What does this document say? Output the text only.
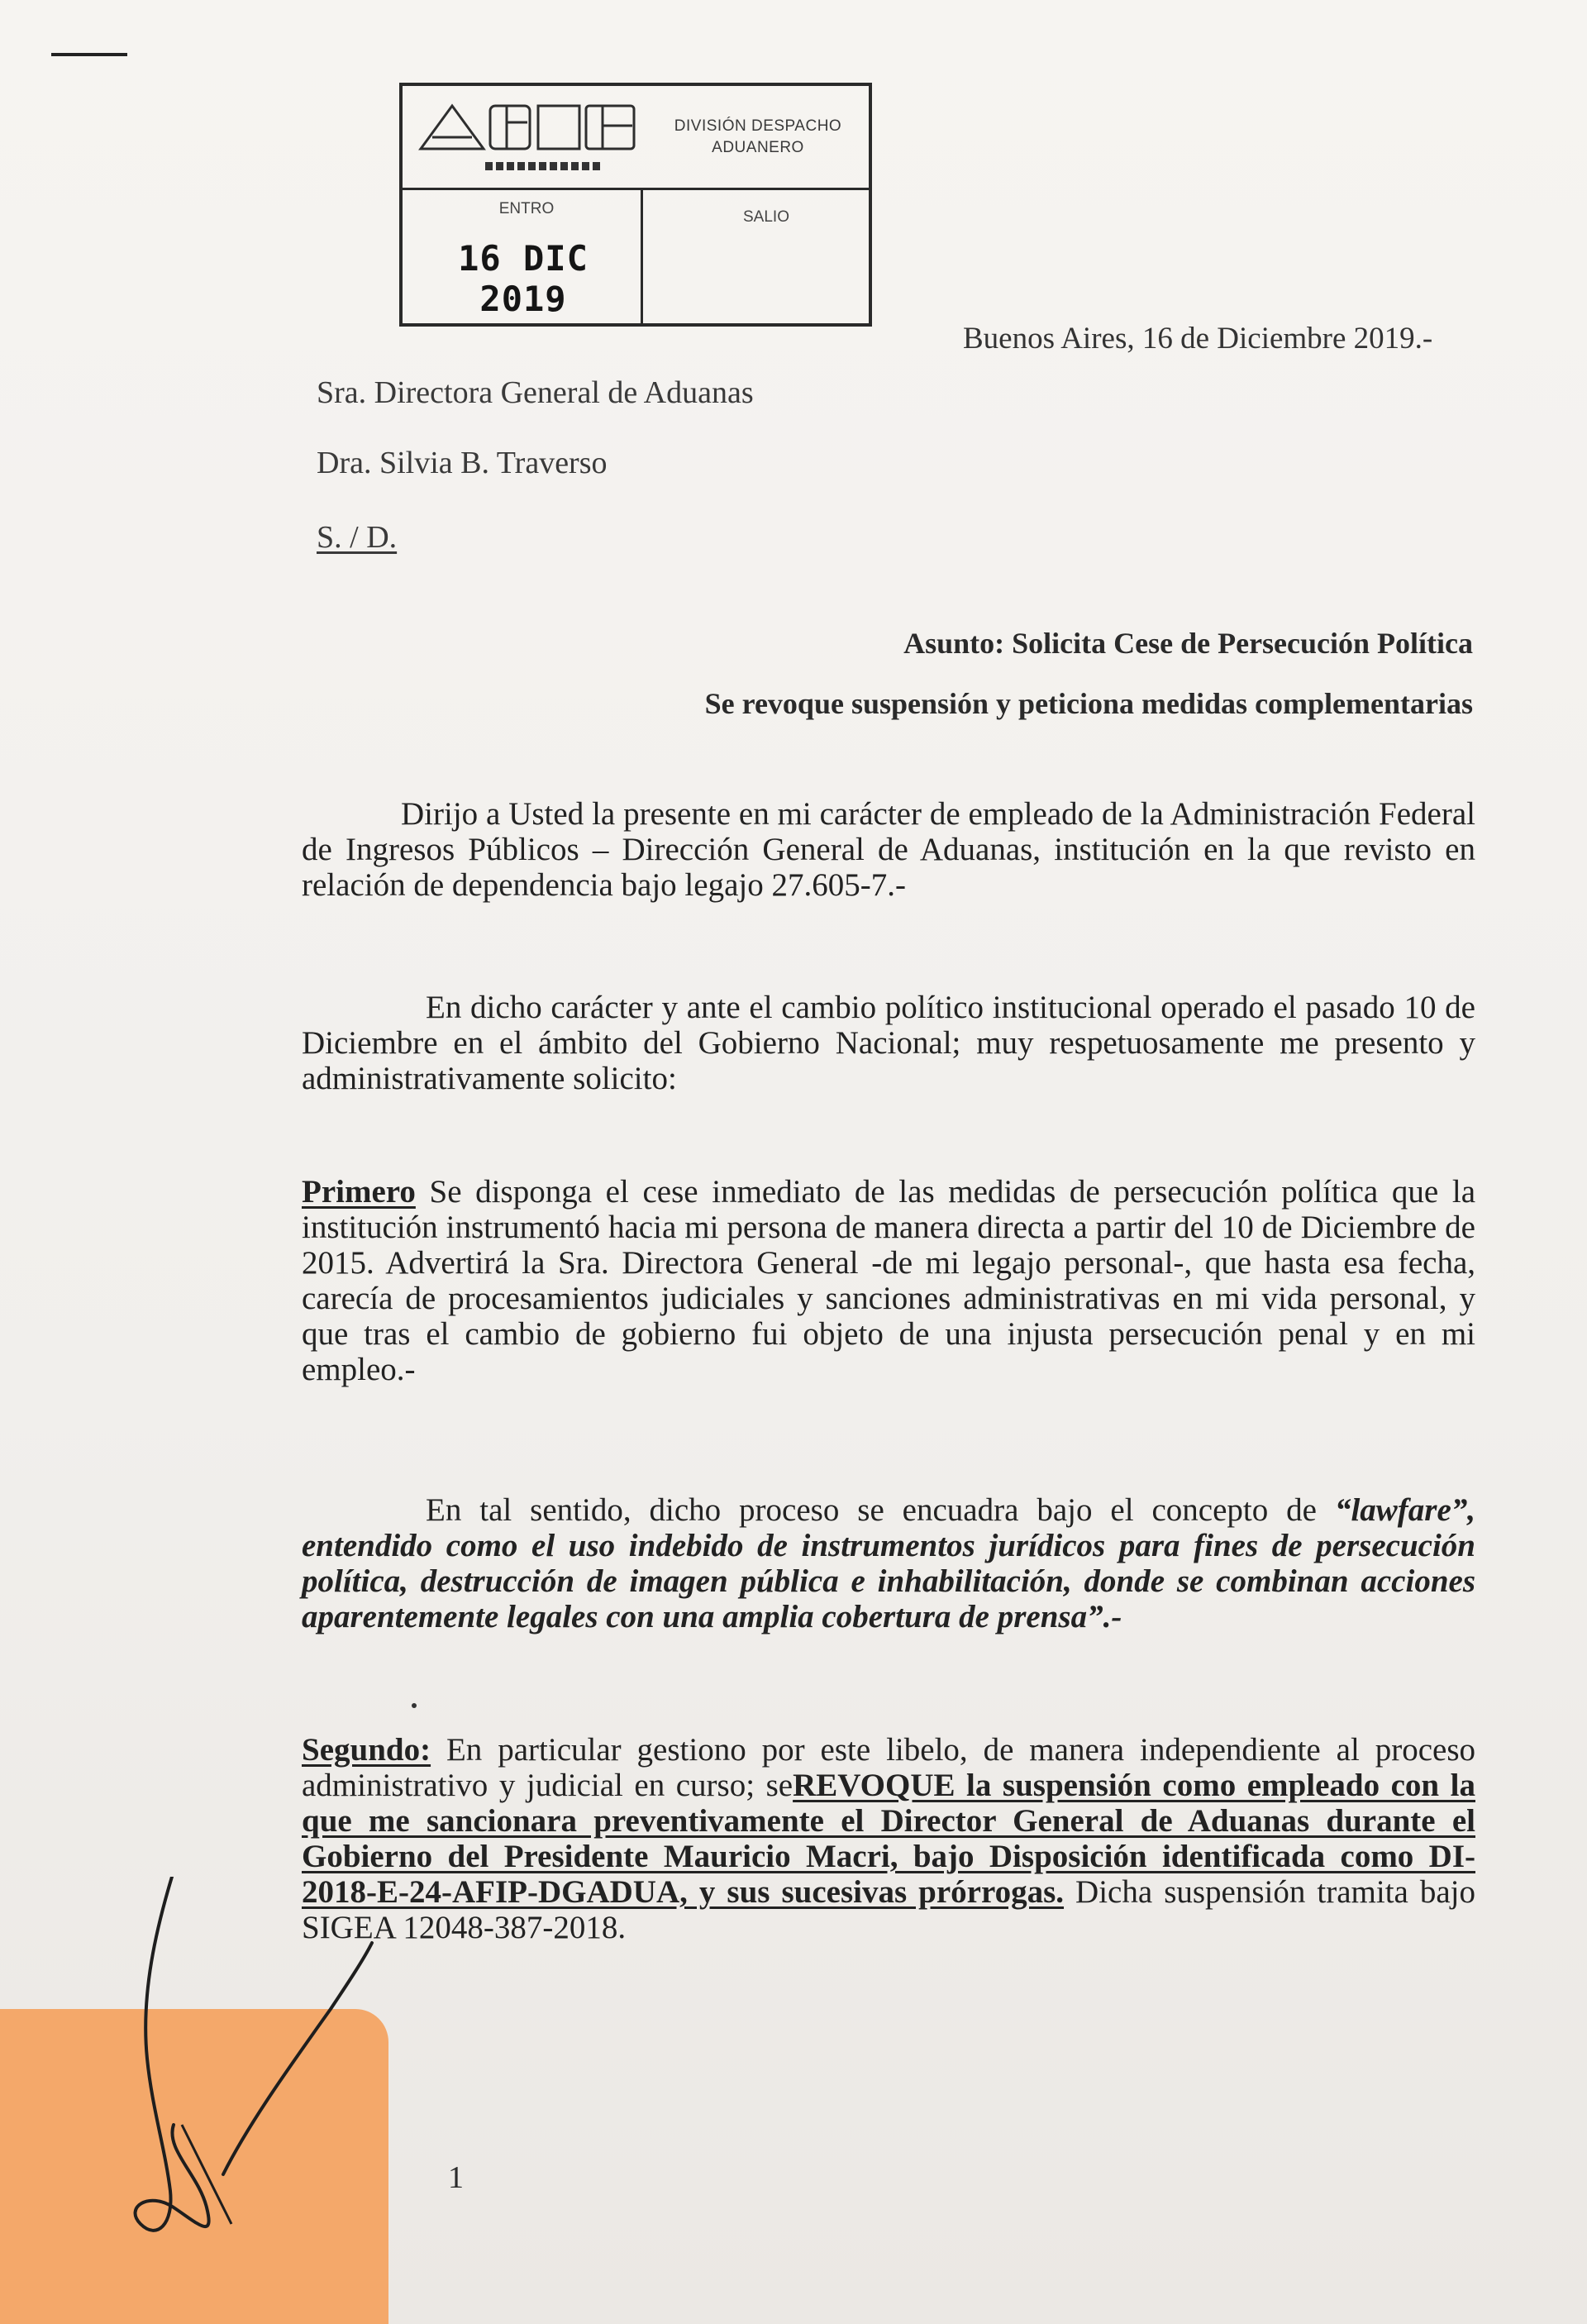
DIVISIÓN DESPACHO
ADUANERO
ENTRO	SALIO
16 DIC 2019
Buenos Aires, 16 de Diciembre 2019.-
Sra. Directora General de Aduanas
Dra. Silvia B. Traverso
S. / D.
Asunto: Solicita Cese de Persecución Política
Se revoque suspensión y peticiona medidas complementarias
Dirijo a Usted la presente en mi carácter de empleado de la Administración Federal de Ingresos Públicos – Dirección General de Aduanas, institución en la que revisto en relación de dependencia bajo legajo 27.605-7.-
En dicho carácter y ante el cambio político institucional operado el pasado 10 de Diciembre en el ámbito del Gobierno Nacional; muy respetuosamente me presento y administrativamente solicito:
Primero Se disponga el cese inmediato de las medidas de persecución política que la institución instrumentó hacia mi persona de manera directa a partir del 10 de Diciembre de 2015. Advertirá la Sra. Directora General -de mi legajo personal-, que hasta esa fecha, carecía de procesamientos judiciales y sanciones administrativas en mi vida personal, y que tras el cambio de gobierno fui objeto de una injusta persecución penal y en mi empleo.-
En tal sentido, dicho proceso se encuadra bajo el concepto de “lawfare”, entendido como el uso indebido de instrumentos jurídicos para fines de persecución política, destrucción de imagen pública e inhabilitación, donde se combinan acciones aparentemente legales con una amplia cobertura de prensa”.-
Segundo: En particular gestiono por este libelo, de manera independiente al proceso administrativo y judicial en curso; seREVOQUE la suspensión como empleado con la que me sancionara preventivamente el Director General de Aduanas durante el Gobierno del Presidente Mauricio Macri, bajo Disposición identificada como DI-2018-E-24-AFIP-DGADUA, y sus sucesivas prórrogas. Dicha suspensión tramita bajo SIGEA 12048-387-2018.
1
